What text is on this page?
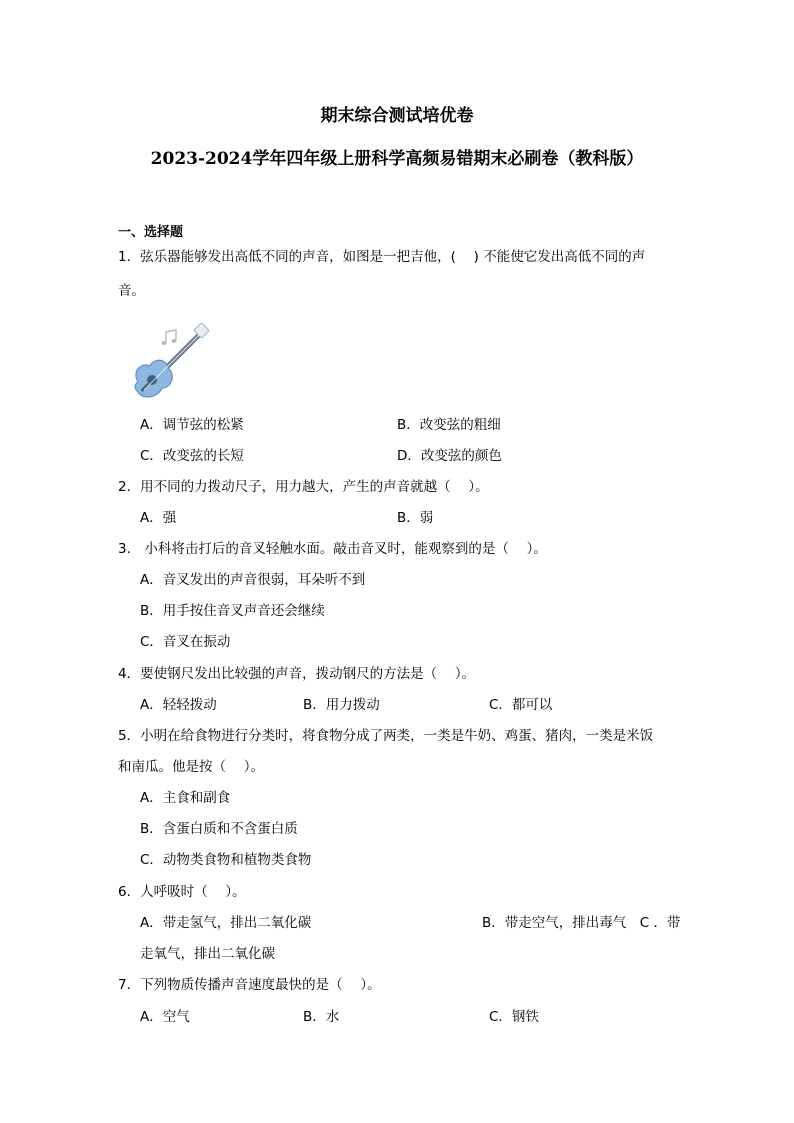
期末综合测试培优卷
2023-2024学年四年级上册科学高频易错期末必刷卷（教科版）
一、选择题
1．弦乐器能够发出高低不同的声音，如图是一把吉他，(　 ) 不能使它发出高低不同的声
音。
A．调节弦的松紧	B．改变弦的粗细
C．改变弦的长短	D．改变弦的颜色
2．用不同的力拨动尺子，用力越大，产生的声音就越（　 ）。
A．强	B．弱
3． 小科将击打后的音叉轻触水面。敲击音叉时，能观察到的是（　 ）。
A．音叉发出的声音很弱，耳朵听不到
B．用手按住音叉声音还会继续
C．音叉在振动
4．要使钢尺发出比较强的声音，拨动钢尺的方法是（　 ）。
A．轻轻拨动	B．用力拨动	C．都可以
5．小明在给食物进行分类时，将食物分成了两类，一类是牛奶、鸡蛋、猪肉，一类是米饭
和南瓜。他是按（　 ）。
A．主食和副食
B．含蛋白质和不含蛋白质
C．动物类食物和植物类食物
6．人呼吸时（　 ）。
A．带走氢气，排出二氧化碳	B．带走空气，排出毒气　C ．带
走氧气，排出二氧化碳
7．下列物质传播声音速度最快的是（　 ）。
A．空气	B．水	C．钢铁
